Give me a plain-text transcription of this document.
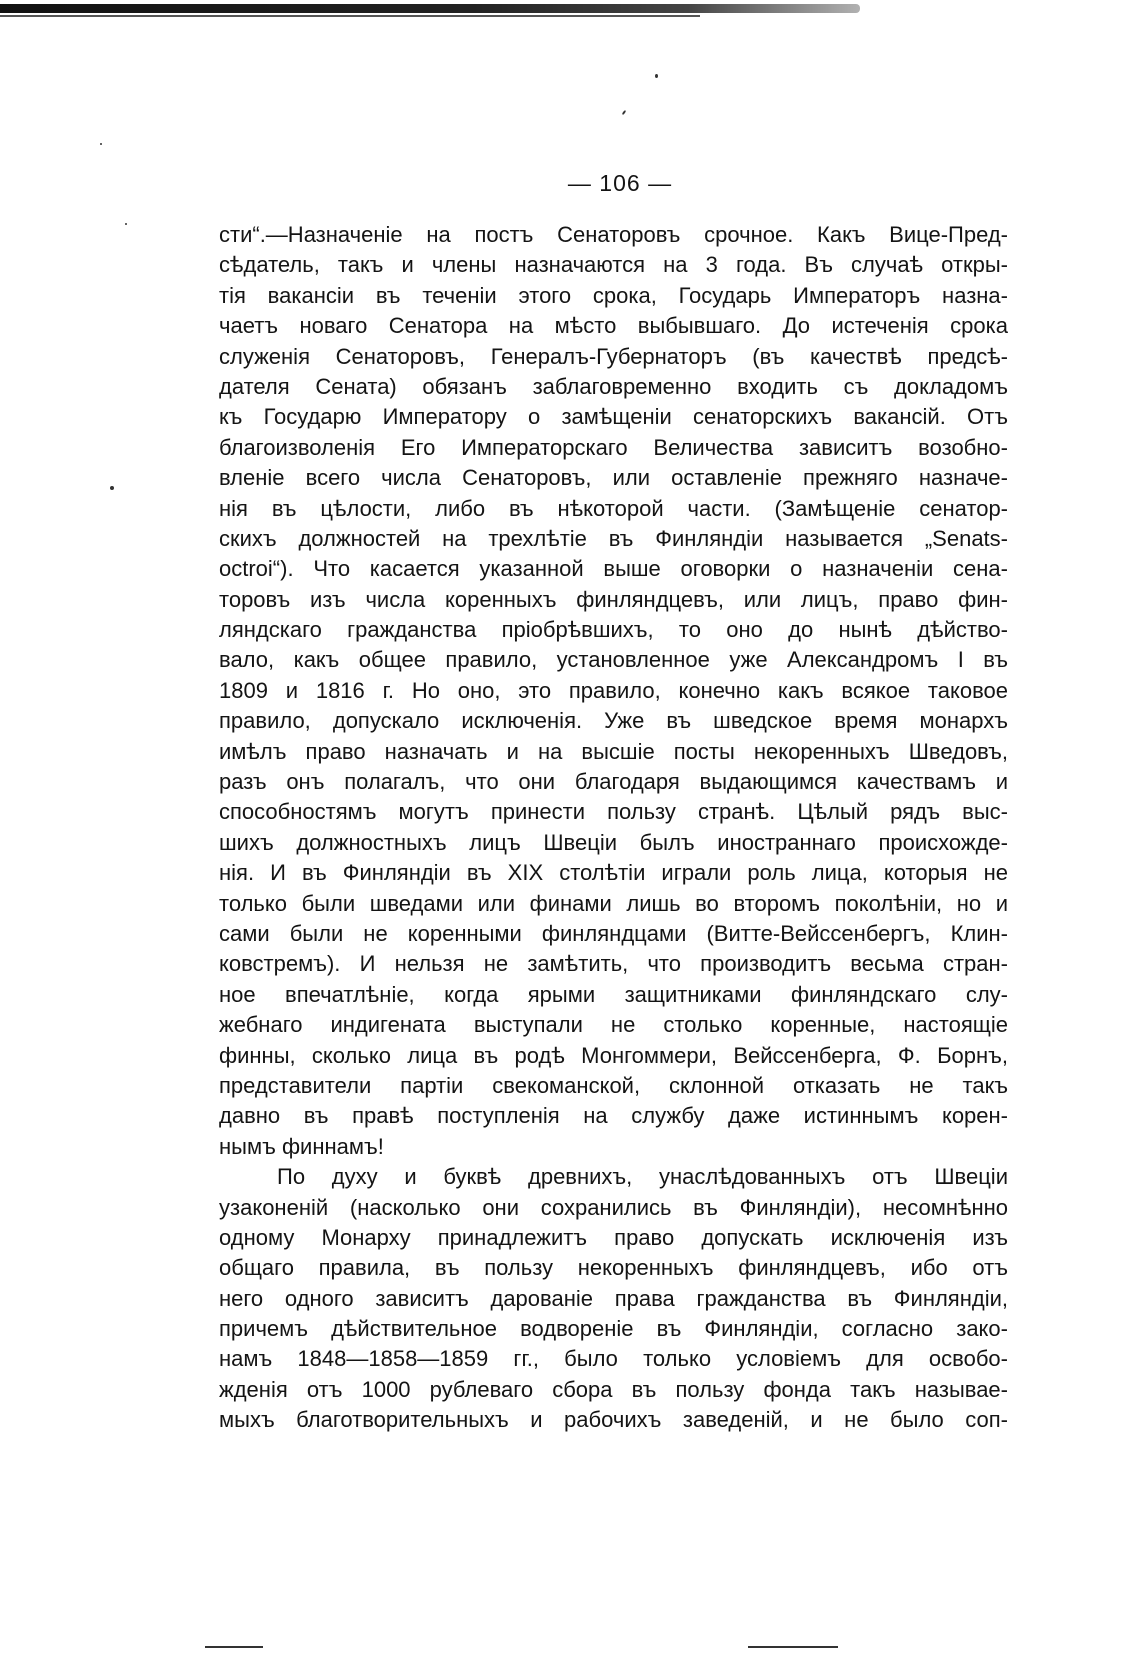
— 106 —
сти“.—Назначенiе на постъ Сенаторовъ срочное. Какъ Вице-Пред-
сѣдатель, такъ и члены назначаются на 3 года. Въ случаѣ откры-
тiя вакансiи въ теченiи этого срока, Государь Императоръ назна-
чаетъ новаго Сенатора на мѣсто выбывшаго. До истеченiя срока
служенiя Сенаторовъ, Генералъ-Губернаторъ (въ качествѣ предсѣ-
дателя Сената) обязанъ заблаговременно входить съ докладомъ
къ Государю Императору о замѣщенiи сенаторскихъ вакансiй. Отъ
благоизволенiя Его Императорскаго Величества зависитъ возобно-
вленiе всего числа Сенаторовъ, или оставленiе прежняго назначе-
нiя въ цѣлости, либо въ нѣкоторой части. (Замѣщенiе сенатор-
скихъ должностей на трехлѣтiе въ Финляндiи называется „Senats-
octroi“). Что касается указанной выше оговорки о назначенiи сена-
торовъ изъ числа коренныхъ финляндцевъ, или лицъ, право фин-
ляндскаго гражданства прiобрѣвшихъ, то оно до нынѣ дѣйство-
вало, какъ общее правило, установленное уже Александромъ I въ
1809 и 1816 г. Но оно, это правило, конечно какъ всякое таковое
правило, допускало исключенiя. Уже въ шведское время монархъ
имѣлъ право назначать и на высшiе посты некоренныхъ Шведовъ,
разъ онъ полагалъ, что они благодаря выдающимся качествамъ и
способностямъ могутъ принести пользу странѣ. Цѣлый рядъ выс-
шихъ должностныхъ лицъ Швецiи былъ иностраннаго происхожде-
нiя. И въ Финляндiи въ XIX столѣтiи играли роль лица, которыя не
только были шведами или финами лишь во второмъ поколѣнiи, но и
сами были не коренными финляндцами (Витте-Вейссенбергъ, Клин-
ковстремъ). И нельзя не замѣтить, что производитъ весьма стран-
ное впечатлѣнiе, когда ярыми защитниками финляндскаго слу-
жебнаго индигената выступали не столько коренные, настоящiе
финны, сколько лица въ родѣ Монгоммери, Вейссенберга, Ф. Борнъ,
представители партiи свекоманской, склонной отказать не такъ
давно въ правѣ поступленiя на службу даже истиннымъ корен-
нымъ финнамъ!
По духу и буквѣ древнихъ, унаслѣдованныхъ отъ Швецiи
узаконенiй (насколько они сохранились въ Финляндiи), несомнѣнно
одному Монарху принадлежитъ право допускать исключенiя изъ
общаго правила, въ пользу некоренныхъ финляндцевъ, ибо отъ
него одного зависитъ дарованiе права гражданства въ Финляндiи,
причемъ дѣйствительное водворенiе въ Финляндiи, согласно зако-
намъ 1848—1858—1859 гг., было только условiемъ для освобо-
жденiя отъ 1000 рублеваго сбора въ пользу фонда такъ называе-
мыхъ благотворительныхъ и рабочихъ заведенiй, и не было соп-
